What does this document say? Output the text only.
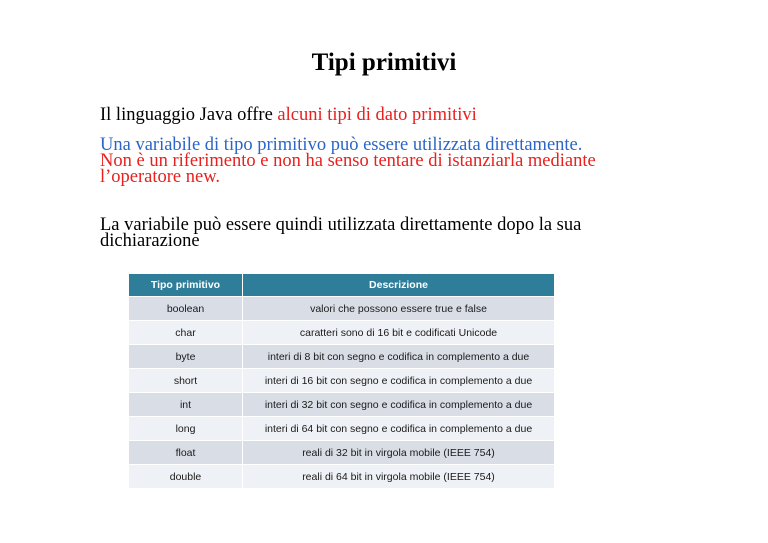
Tipi primitivi
Il linguaggio Java offre alcuni tipi di dato primitivi
Una variabile di tipo primitivo può essere utilizzata direttamente.
Non è un riferimento e non ha senso tentare di istanziarla mediante
l’operatore new.
La variabile può essere quindi utilizzata direttamente dopo la sua
dichiarazione
Tipo primitivo	Descrizione
boolean	valori che possono essere true e false
char	caratteri sono di 16 bit e codificati Unicode
byte	interi di 8 bit con segno e codifica in complemento a due
short	interi di 16 bit con segno e codifica in complemento a due
int	interi di 32 bit con segno e codifica in complemento a due
long	interi di 64 bit con segno e codifica in complemento a due
float	reali di 32 bit in virgola mobile (IEEE 754)
double	reali di 64 bit in virgola mobile (IEEE 754)
